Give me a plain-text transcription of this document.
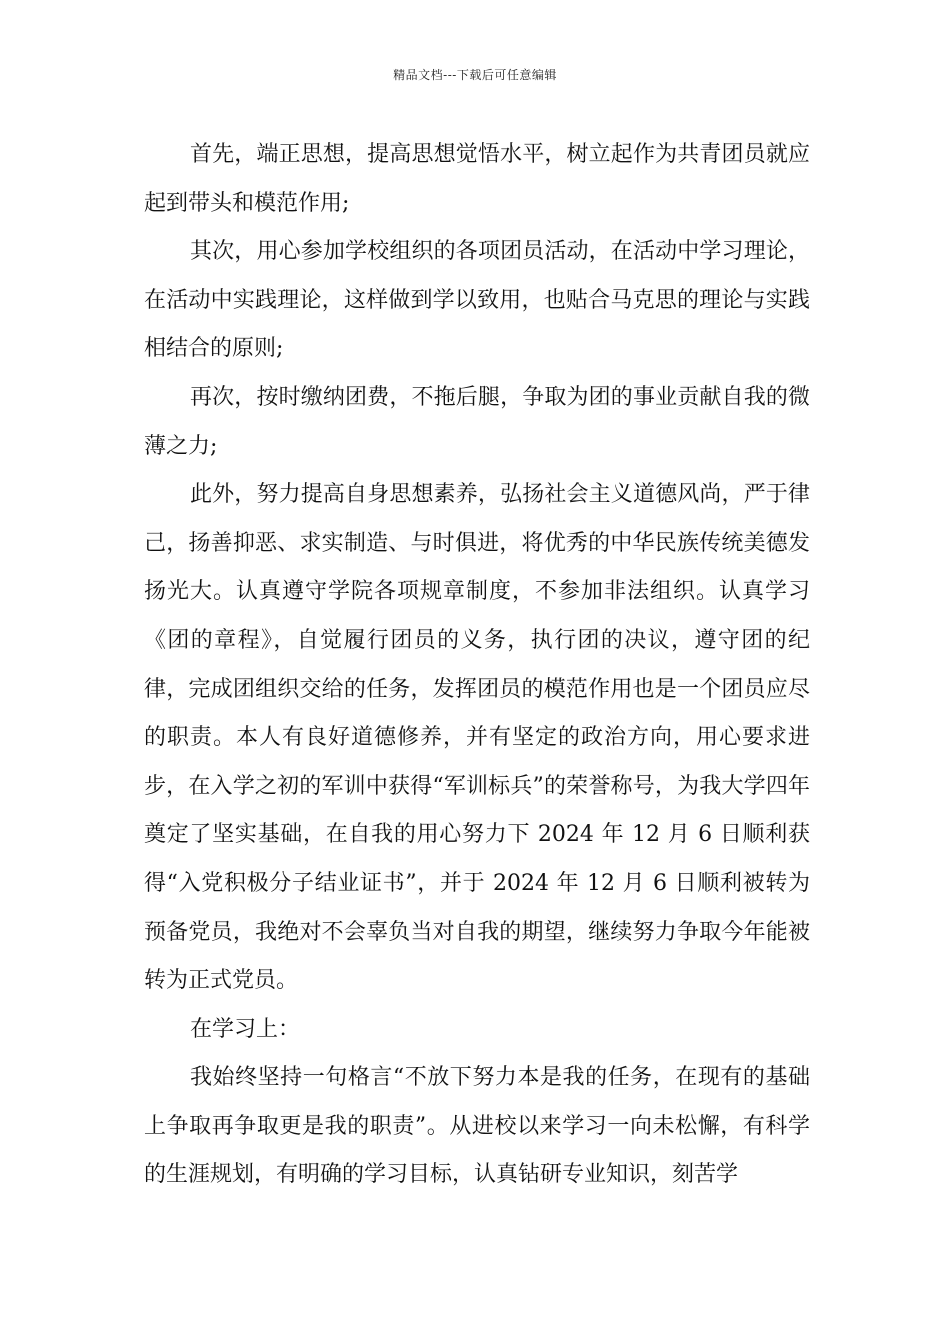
精品文档---下载后可任意编辑

首先，端正思想，提高思想觉悟水平，树立起作为共青团员就应起到带头和模范作用;

其次，用心参加学校组织的各项团员活动，在活动中学习理论，在活动中实践理论，这样做到学以致用，也贴合马克思的理论与实践相结合的原则;

再次，按时缴纳团费，不拖后腿，争取为团的事业贡献自我的微薄之力;

此外，努力提高自身思想素养，弘扬社会主义道德风尚，严于律己，扬善抑恶、求实制造、与时俱进，将优秀的中华民族传统美德发扬光大。认真遵守学院各项规章制度，不参加非法组织。认真学习《团的章程》，自觉履行团员的义务，执行团的决议，遵守团的纪律，完成团组织交给的任务，发挥团员的模范作用也是一个团员应尽的职责。本人有良好道德修养，并有坚定的政治方向，用心要求进步，在入学之初的军训中获得“军训标兵”的荣誉称号，为我大学四年奠定了坚实基础，在自我的用心努力下 2024 年 12 月 6 日顺利获得“入党积极分子结业证书”，并于 2024 年 12 月 6 日顺利被转为预备党员，我绝对不会辜负当对自我的期望，继续努力争取今年能被转为正式党员。

在学习上：

我始终坚持一句格言“不放下努力本是我的任务，在现有的基础上争取再争取更是我的职责”。从进校以来学习一向未松懈，有科学的生涯规划，有明确的学习目标，认真钻研专业知识，刻苦学
